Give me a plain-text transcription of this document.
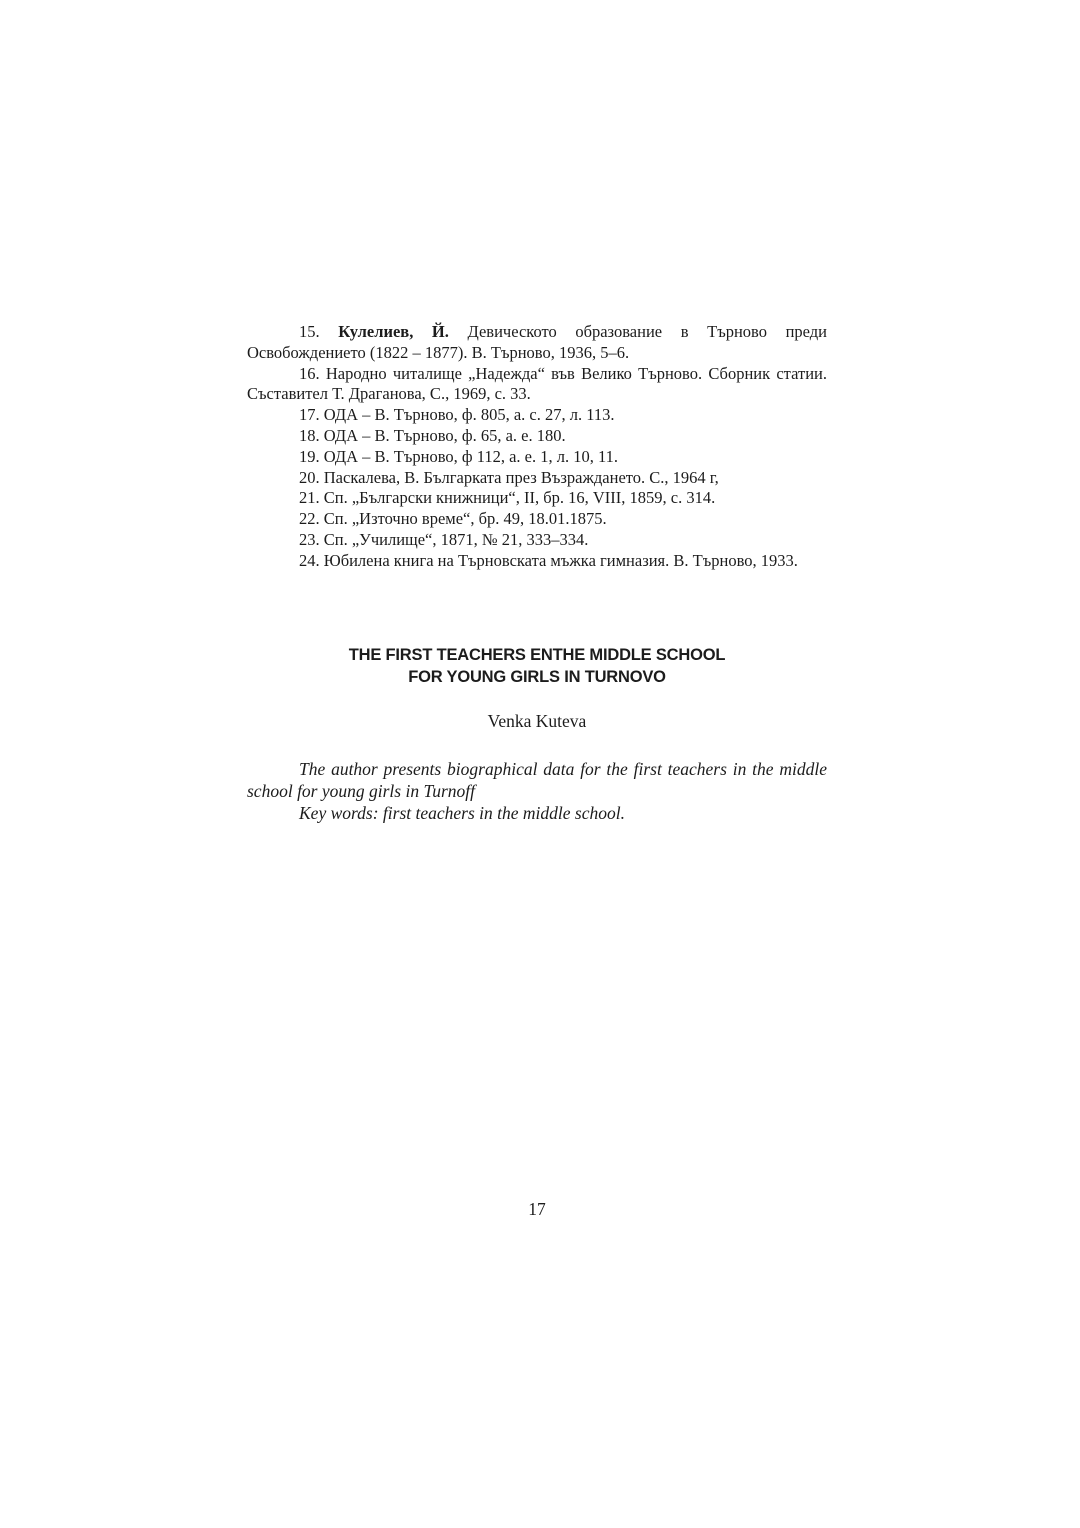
15. Кулелиев, Й. Девическото образование в Търново преди Освобождението (1822 – 1877). В. Търново, 1936, 5–6.

16. Народно читалище „Надежда“ във Велико Търново. Сборник статии. Съставител Т. Драганова, С., 1969, с. 33.

17. ОДА – В. Търново, ф. 805, а. с. 27, л. 113.

18. ОДА – В. Търново, ф. 65, а. е. 180.

19. ОДА – В. Търново, ф 112, а. е. 1, л. 10, 11.

20. Паскалева, В. Българката през Възраждането. С., 1964 г,

21. Сп. „Български книжници“, II, бр. 16, VIII, 1859, с. 314.

22. Сп. „Източно време“, бр. 49, 18.01.1875.

23. Сп. „Училище“, 1871, № 21, 333–334.

24. Юбилена книга на Търновската мъжка гимназия. В. Търново, 1933.

THE FIRST TEACHERS ENTHE MIDDLE SCHOOL
FOR YOUNG GIRLS IN TURNOVO
Venka Kuteva

The author presents biographical data for the first teachers in the middle school for young girls in Turnoff

Key words: first teachers in the middle school.

17
